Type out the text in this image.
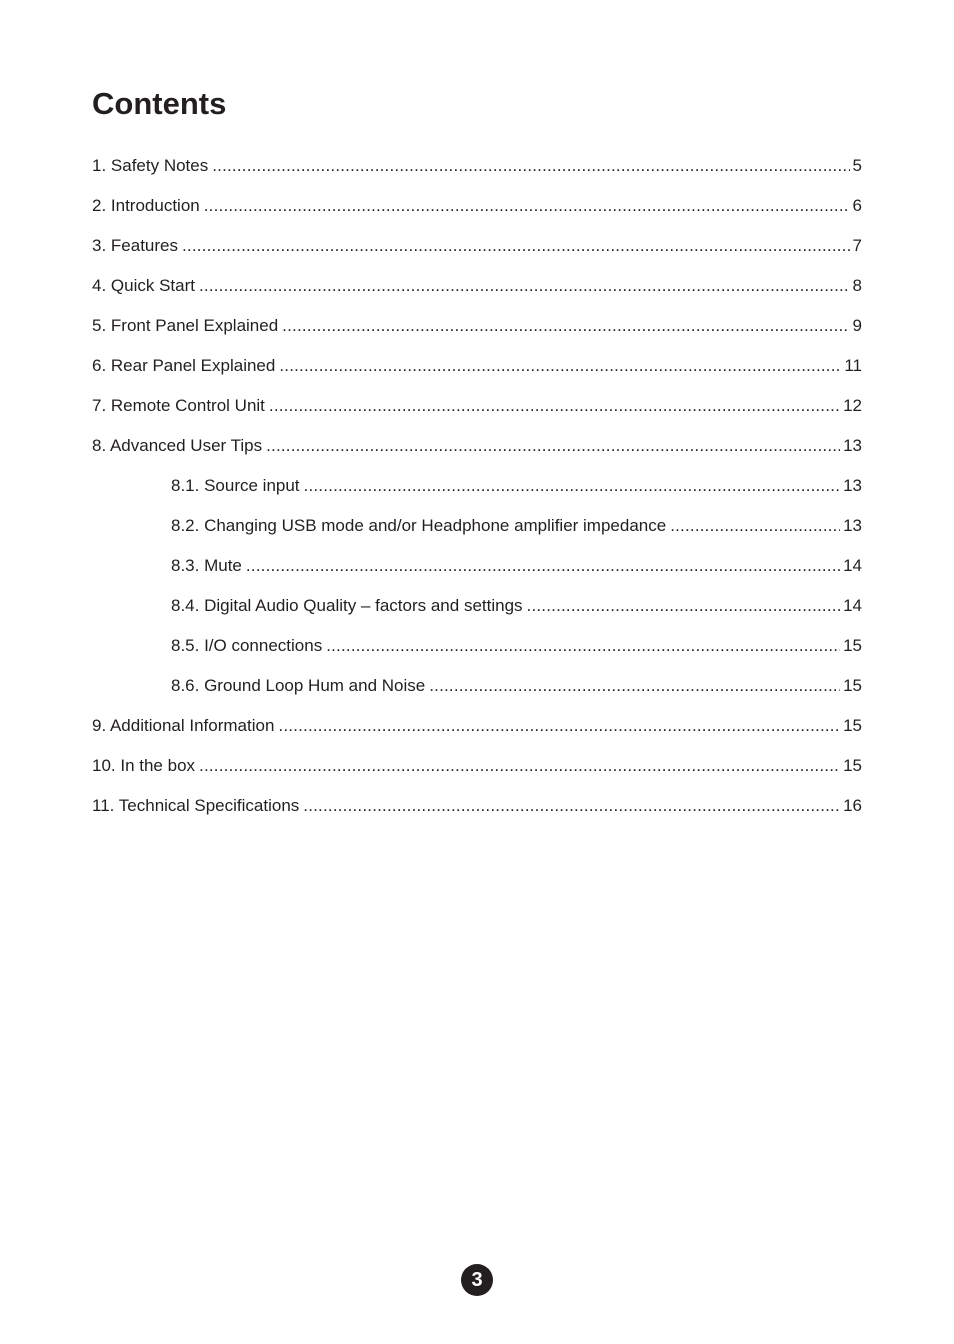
Contents
1. Safety Notes .....	5
2. Introduction .....	6
3. Features .....	7
4. Quick Start .....	8
5. Front Panel Explained .....	9
6. Rear Panel Explained .....	11
7. Remote Control Unit .....	12
8. Advanced User Tips .....	13
8.1. Source input .....	13
8.2. Changing USB mode and/or Headphone amplifier impedance .....	13
8.3. Mute .....	14
8.4. Digital Audio Quality – factors and settings .....	14
8.5. I/O connections .....	15
8.6. Ground Loop Hum and Noise .....	15
9. Additional Information .....	15
10. In the box .....	15
11. Technical Specifications .....	16
3
